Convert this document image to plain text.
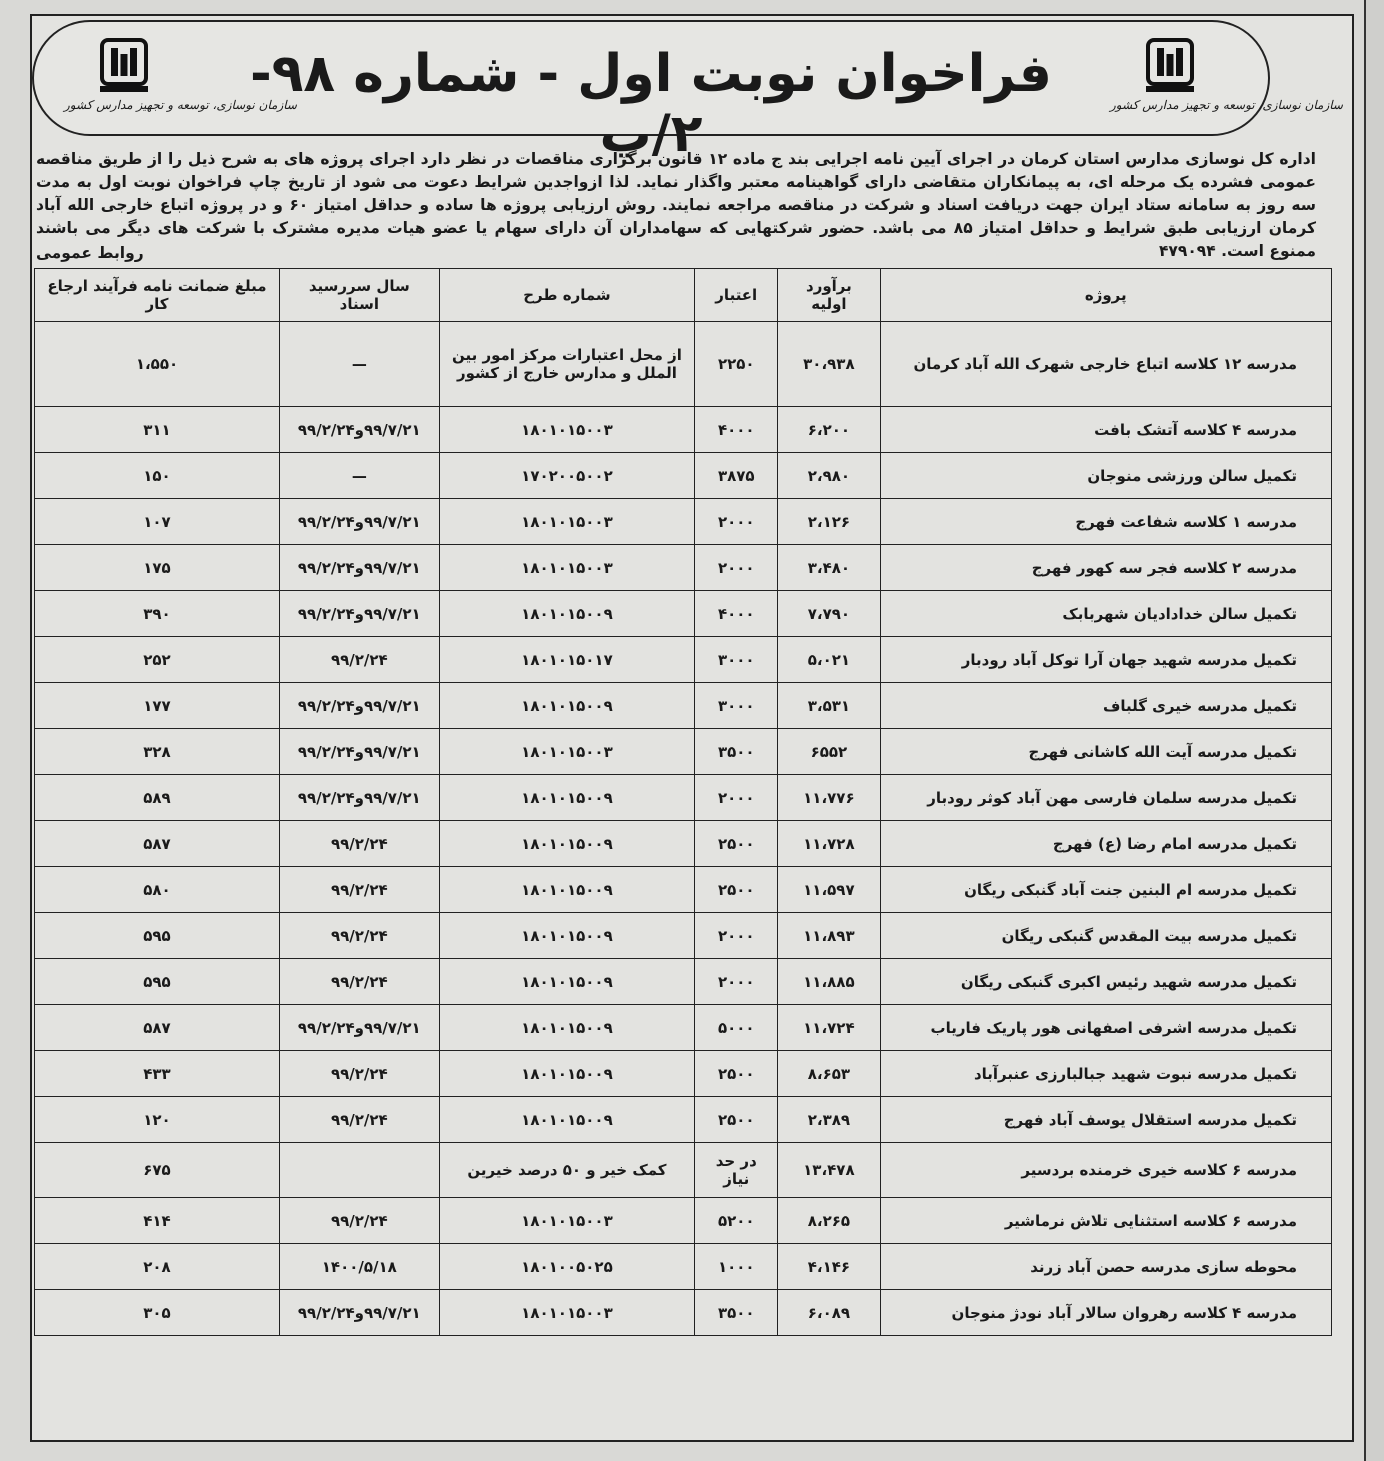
سازمان نوسازی، توسعه و تجهیز مدارس کشور
فراخوان نوبت اول - شماره ۹۸- ۲/پ
سازمان نوسازی، توسعه و تجهیز مدارس کشور
اداره کل نوسازی مدارس استان کرمان در اجرای آیین نامه اجرایی بند ج ماده ۱۲ قانون برگزاری مناقصات در نظر دارد اجرای پروژه های به شرح ذیل را از طریق مناقصه عمومی فشرده یک مرحله ای، به پیمانکاران متقاضی دارای گواهینامه معتبر واگذار نماید. لذا ازواجدین شرایط دعوت می شود از تاریخ چاپ فراخوان نوبت اول به مدت سه روز به سامانه ستاد ایران جهت دریافت اسناد و شرکت در مناقصه مراجعه نمایند. روش ارزیابی پروژه ها ساده و حداقل امتیاز ۶۰ و در پروژه اتباع خارجی الله آباد کرمان ارزیابی طبق شرایط و حداقل امتیاز ۸۵ می باشد. حضور شرکتهایی که سهامداران آن دارای سهام یا عضو هیات مدیره مشترک با شرکت های دیگر می باشند ممنوع است. ۴۷۹۰۹۴
روابط عمومی
پروژه	برآورد اولیه	اعتبار	شماره طرح	سال سررسید اسناد	مبلغ ضمانت نامه فرآیند ارجاع کار
مدرسه ۱۲ کلاسه اتباع خارجی شهرک الله آباد کرمان	۳۰،۹۳۸	۲۲۵۰	از محل اعتبارات مرکز امور بین الملل و مدارس خارج از کشور	—	۱،۵۵۰
مدرسه ۴ کلاسه آتشک بافت	۶،۲۰۰	۴۰۰۰	۱۸۰۱۰۱۵۰۰۳	۹۹/۷/۲۱و۹۹/۲/۲۴	۳۱۱
تکمیل سالن ورزشی منوجان	۲،۹۸۰	۳۸۷۵	۱۷۰۲۰۰۵۰۰۲	—	۱۵۰
مدرسه ۱ کلاسه شفاعت فهرج	۲،۱۲۶	۲۰۰۰	۱۸۰۱۰۱۵۰۰۳	۹۹/۷/۲۱و۹۹/۲/۲۴	۱۰۷
مدرسه ۲ کلاسه فجر سه کهور فهرج	۳،۴۸۰	۲۰۰۰	۱۸۰۱۰۱۵۰۰۳	۹۹/۷/۲۱و۹۹/۲/۲۴	۱۷۵
تکمیل سالن خدادادیان شهربابک	۷،۷۹۰	۴۰۰۰	۱۸۰۱۰۱۵۰۰۹	۹۹/۷/۲۱و۹۹/۲/۲۴	۳۹۰
تکمیل مدرسه شهید جهان آرا توکل آباد رودبار	۵،۰۲۱	۳۰۰۰	۱۸۰۱۰۱۵۰۱۷	۹۹/۲/۲۴	۲۵۲
تکمیل مدرسه خیری گلباف	۳،۵۳۱	۳۰۰۰	۱۸۰۱۰۱۵۰۰۹	۹۹/۷/۲۱و۹۹/۲/۲۴	۱۷۷
تکمیل مدرسه آیت الله کاشانی فهرج	۶۵۵۲	۳۵۰۰	۱۸۰۱۰۱۵۰۰۳	۹۹/۷/۲۱و۹۹/۲/۲۴	۳۲۸
تکمیل مدرسه سلمان فارسی مهن آباد کوثر رودبار	۱۱،۷۷۶	۲۰۰۰	۱۸۰۱۰۱۵۰۰۹	۹۹/۷/۲۱و۹۹/۲/۲۴	۵۸۹
تکمیل مدرسه امام رضا (ع) فهرج	۱۱،۷۲۸	۲۵۰۰	۱۸۰۱۰۱۵۰۰۹	۹۹/۲/۲۴	۵۸۷
تکمیل مدرسه ام البنین جنت آباد گنبکی ریگان	۱۱،۵۹۷	۲۵۰۰	۱۸۰۱۰۱۵۰۰۹	۹۹/۲/۲۴	۵۸۰
تکمیل مدرسه بیت المقدس گنبکی ریگان	۱۱،۸۹۳	۲۰۰۰	۱۸۰۱۰۱۵۰۰۹	۹۹/۲/۲۴	۵۹۵
تکمیل مدرسه شهید رئیس اکبری گنبکی ریگان	۱۱،۸۸۵	۲۰۰۰	۱۸۰۱۰۱۵۰۰۹	۹۹/۲/۲۴	۵۹۵
تکمیل مدرسه اشرفی اصفهانی هور پاریک فاریاب	۱۱،۷۲۴	۵۰۰۰	۱۸۰۱۰۱۵۰۰۹	۹۹/۷/۲۱و۹۹/۲/۲۴	۵۸۷
تکمیل مدرسه نبوت شهید جبالبارزی عنبرآباد	۸،۶۵۳	۲۵۰۰	۱۸۰۱۰۱۵۰۰۹	۹۹/۲/۲۴	۴۳۳
تکمیل مدرسه استقلال یوسف آباد فهرج	۲،۳۸۹	۲۵۰۰	۱۸۰۱۰۱۵۰۰۹	۹۹/۲/۲۴	۱۲۰
مدرسه ۶ کلاسه خیری خرمنده بردسیر	۱۳،۴۷۸	در حد نیاز	کمک خیر و ۵۰ درصد خیرین		۶۷۵
مدرسه ۶ کلاسه استثنایی تلاش نرماشیر	۸،۲۶۵	۵۲۰۰	۱۸۰۱۰۱۵۰۰۳	۹۹/۲/۲۴	۴۱۴
محوطه سازی مدرسه حصن آباد زرند	۴،۱۴۶	۱۰۰۰	۱۸۰۱۰۰۵۰۲۵	۱۴۰۰/۵/۱۸	۲۰۸
مدرسه ۴ کلاسه رهروان سالار آباد نودژ منوجان	۶،۰۸۹	۳۵۰۰	۱۸۰۱۰۱۵۰۰۳	۹۹/۷/۲۱و۹۹/۲/۲۴	۳۰۵
